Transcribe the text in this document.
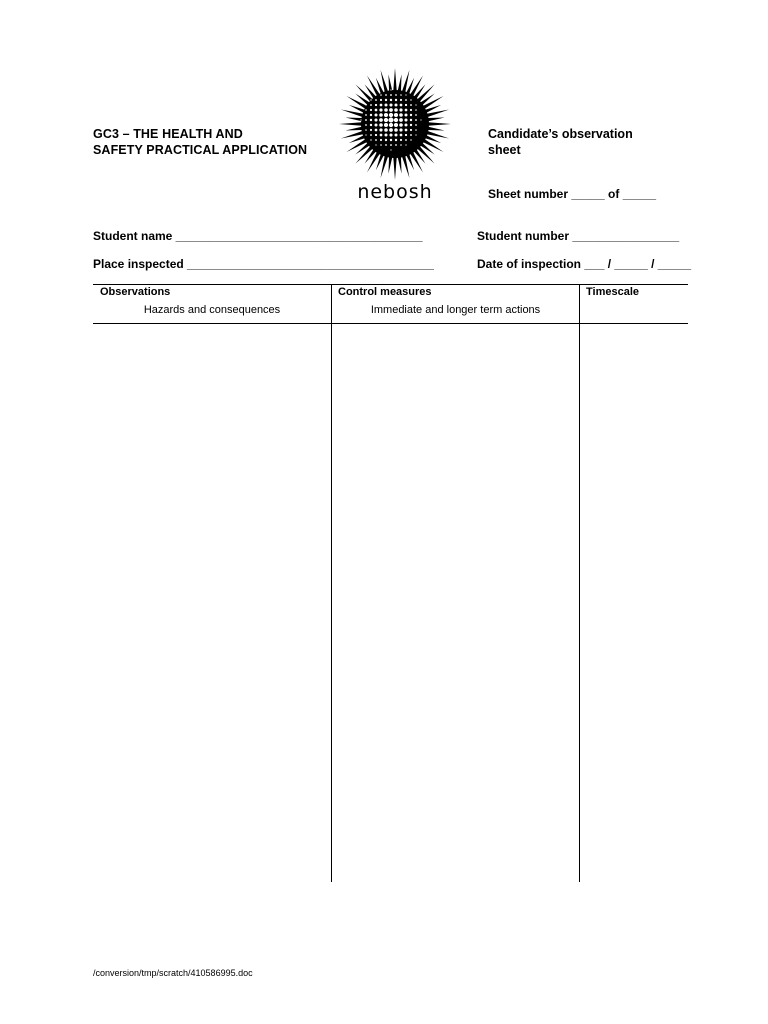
GC3 – THE HEALTH AND
SAFETY PRACTICAL APPLICATION
nebosh
Candidate’s observation
sheet
Sheet number _____ of _____
Student name _____________________________________	Student number ________________
Place inspected _____________________________________	Date of inspection ___ / _____ / _____
Observations
Hazards and consequences
Control measures
Immediate and longer term actions
Timescale
/conversion/tmp/scratch/410586995.doc
